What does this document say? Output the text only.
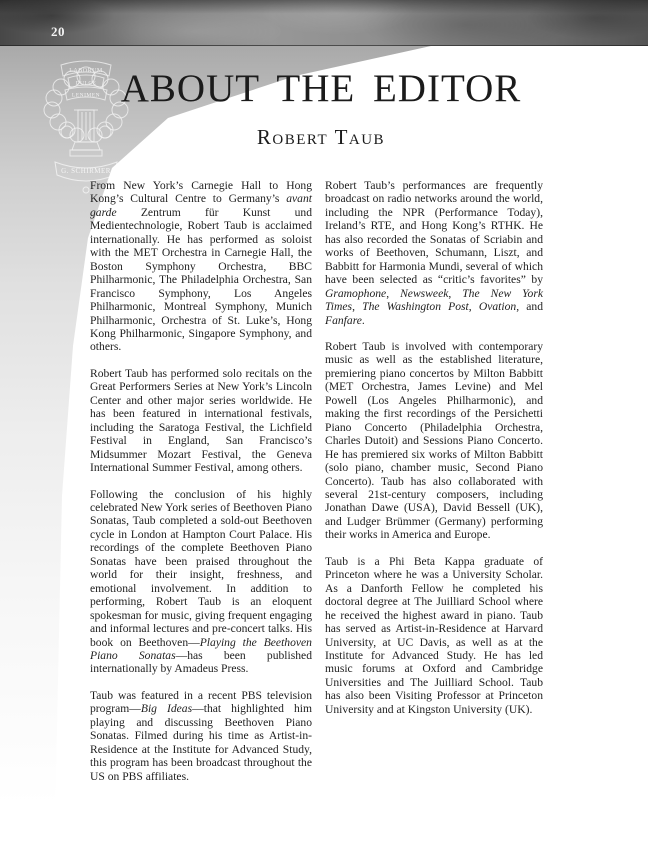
20
LABORUM
DULCE
LENIMEN
G. SCHIRMER
ABOUT THE EDITOR
Robert Taub

From New York’s Carnegie Hall to Hong Kong’s Cultural Centre to Germany’s avant garde Zentrum für Kunst und Medientechnologie, Robert Taub is acclaimed internationally. He has performed as soloist with the MET Orchestra in Carnegie Hall, the Boston Symphony Orchestra, BBC Philharmonic, The Philadelphia Orchestra, San Francisco Symphony, Los Angeles Philharmonic, Montreal Symphony, Munich Philharmonic, Orchestra of St. Luke’s, Hong Kong Philharmonic, Singapore Symphony, and others.

Robert Taub has performed solo recitals on the Great Performers Series at New York’s Lincoln Center and other major series worldwide. He has been featured in international festivals, including the Saratoga Festival, the Lichfield Festival in England, San Francisco’s Midsummer Mozart Festival, the Geneva International Summer Festival, among others.

Following the conclusion of his highly celebrated New York series of Beethoven Piano Sonatas, Taub completed a sold-out Beethoven cycle in London at Hampton Court Palace. His recordings of the complete Beethoven Piano Sonatas have been praised throughout the world for their insight, freshness, and emotional involvement. In addition to performing, Robert Taub is an eloquent spokesman for music, giving frequent engaging and informal lectures and pre-concert talks. His book on Beethoven—Playing the Beethoven Piano Sonatas—has been published internationally by Amadeus Press.

Taub was featured in a recent PBS television program—Big Ideas—that highlighted him playing and discussing Beethoven Piano Sonatas. Filmed during his time as Artist-in-Residence at the Institute for Advanced Study, this program has been broadcast throughout the US on PBS affiliates.

Robert Taub’s performances are frequently broadcast on radio networks around the world, including the NPR (Performance Today), Ireland’s RTE, and Hong Kong’s RTHK. He has also recorded the Sonatas of Scriabin and works of Beethoven, Schumann, Liszt, and Babbitt for Harmonia Mundi, several of which have been selected as “critic’s favorites” by Gramophone, Newsweek, The New York Times, The Washington Post, Ovation, and Fanfare.

Robert Taub is involved with contemporary music as well as the established literature, premiering piano concertos by Milton Babbitt (MET Orchestra, James Levine) and Mel Powell (Los Angeles Philharmonic), and making the first recordings of the Persichetti Piano Concerto (Philadelphia Orchestra, Charles Dutoit) and Sessions Piano Concerto. He has premiered six works of Milton Babbitt (solo piano, chamber music, Second Piano Concerto). Taub has also collaborated with several 21st-century composers, including Jonathan Dawe (USA), David Bessell (UK), and Ludger Brümmer (Germany) performing their works in America and Europe.

Taub is a Phi Beta Kappa graduate of Princeton where he was a University Scholar. As a Danforth Fellow he completed his doctoral degree at The Juilliard School where he received the highest award in piano. Taub has served as Artist-in-Residence at Harvard University, at UC Davis, as well as at the Institute for Advanced Study. He has led music forums at Oxford and Cambridge Universities and The Juilliard School. Taub has also been Visiting Professor at Princeton University and at Kingston University (UK).
